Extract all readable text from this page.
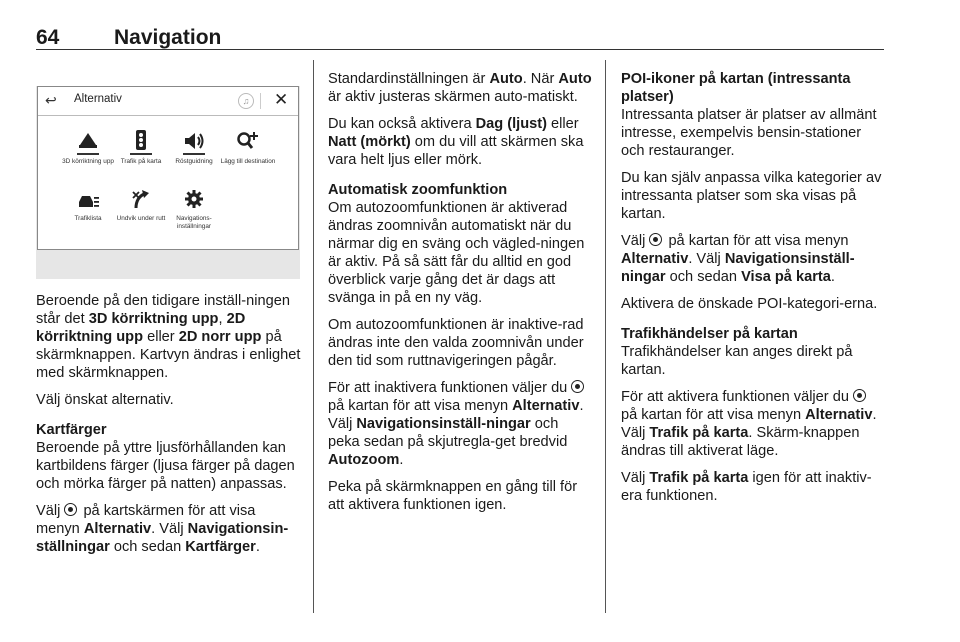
64	Navigation
↩ Alternativ	♫ ✕
3D körriktning upp	Trafik på karta	Röstguidning	Lägg till destination
Trafiklista	Undvik under rutt	Navigations-inställningar

Beroende på den tidigare inställ-ningen står det 3D körriktning upp, 2D körriktning upp eller 2D norr upp på skärmknappen. Kartvyn ändras i enlighet med skärmknappen.

Välj önskat alternativ.

Kartfärger

Beroende på yttre ljusförhållanden kan kartbildens färger (ljusa färger på dagen och mörka färger på natten) anpassas.

Välj  på kartskärmen för att visa menyn Alternativ. Välj Navigationsin-ställningar och sedan Kartfärger.

Standardinställningen är Auto. När Auto är aktiv justeras skärmen auto-matiskt.

Du kan också aktivera Dag (ljust) eller Natt (mörkt) om du vill att skärmen ska vara helt ljus eller mörk.

Automatisk zoomfunktion

Om autozoomfunktionen är aktiverad ändras zoomnivån automatiskt när du närmar dig en sväng och vägled-ningen är aktiv. På så sätt får du alltid en god överblick varje gång det är dags att svänga in på en ny väg.

Om autozoomfunktionen är inaktive-rad ändras inte den valda zoomnivån under den tid som ruttnavigeringen pågår.

För att inaktivera funktionen väljer du  på kartan för att visa menyn Alternativ. Välj Navigationsinställ-ningar och peka sedan på skjutregla-get bredvid Autozoom.

Peka på skärmknappen en gång till för att aktivera funktionen igen.

POI-ikoner på kartan (intressanta platser)

Intressanta platser är platser av allmänt intresse, exempelvis bensin-stationer och restauranger.

Du kan själv anpassa vilka kategorier av intressanta platser som ska visas på kartan.

Välj  på kartan för att visa menyn Alternativ. Välj Navigationsinställ-ningar och sedan Visa på karta.

Aktivera de önskade POI-kategori-erna.

Trafikhändelser på kartan

Trafikhändelser kan anges direkt på kartan.

För att aktivera funktionen väljer du  på kartan för att visa menyn Alternativ. Välj Trafik på karta. Skärm-knappen ändras till aktiverat läge.

Välj Trafik på karta igen för att inaktiv-era funktionen.
